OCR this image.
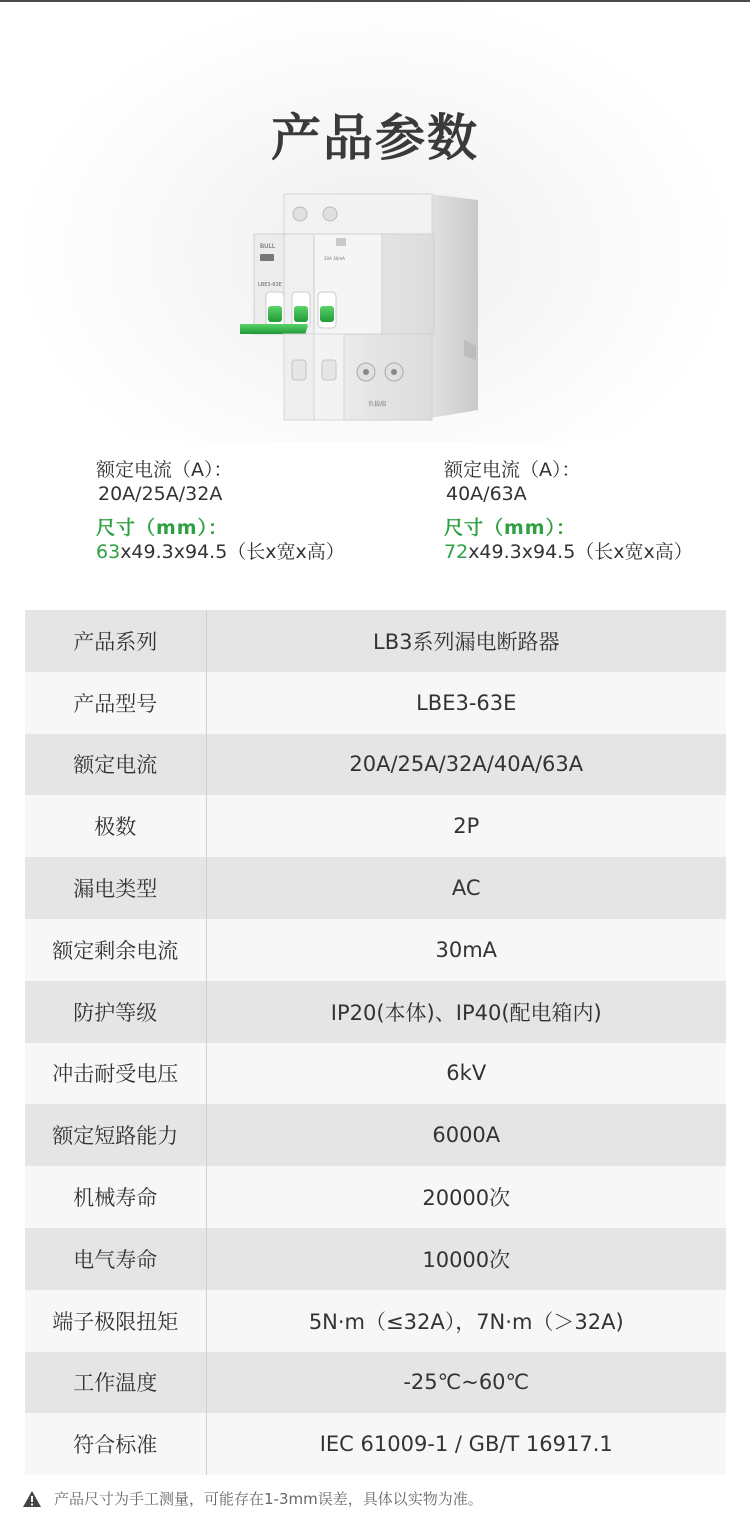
产品参数
BULL
LBE3-63E
20A 30mA
负载端
额定电流（A）：
20A/25A/32A
尺寸（mm）：
63x49.3x94.5（长x宽x高）
额定电流（A）：
40A/63A
尺寸（mm）：
72x49.3x94.5（长x宽x高）
产品系列	LB3系列漏电断路器
产品型号	LBE3-63E
额定电流	20A/25A/32A/40A/63A
极数	2P
漏电类型	AC
额定剩余电流	30mA
防护等级	IP20(本体)、IP40(配电箱内)
冲击耐受电压	6kV
额定短路能力	6000A
机械寿命	20000次
电气寿命	10000次
端子极限扭矩	5N·m（≤32A），7N·m（＞32A)
工作温度	-25℃~60℃
符合标准	IEC 61009-1 / GB/T 16917.1
产品尺寸为手工测量，可能存在1-3mm误差，具体以实物为准。
